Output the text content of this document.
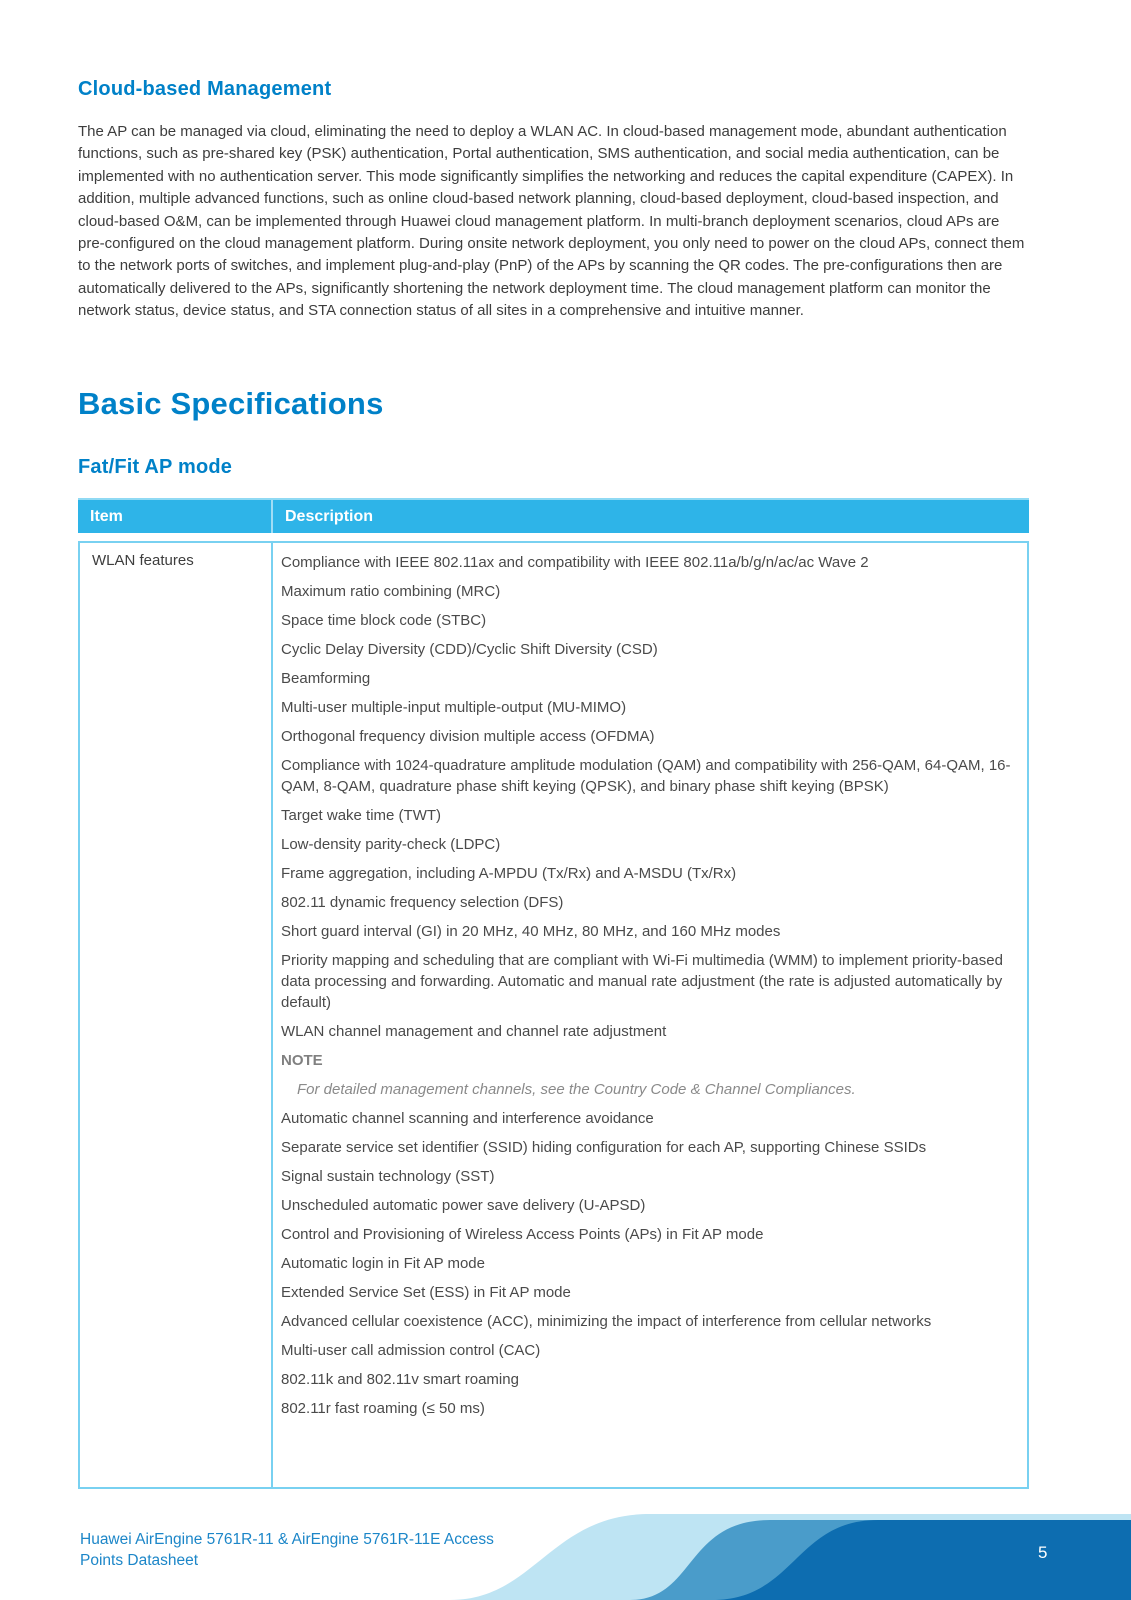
Cloud-based Management

The AP can be managed via cloud, eliminating the need to deploy a WLAN AC. In cloud-based management mode, abundant authentication functions, such as pre-shared key (PSK) authentication, Portal authentication, SMS authentication, and social media authentication, can be implemented with no authentication server. This mode significantly simplifies the networking and reduces the capital expenditure (CAPEX). In addition, multiple advanced functions, such as online cloud-based network planning, cloud-based deployment, cloud-based inspection, and cloud-based O&M, can be implemented through Huawei cloud management platform. In multi-branch deployment scenarios, cloud APs are pre-configured on the cloud management platform. During onsite network deployment, you only need to power on the cloud APs, connect them to the network ports of switches, and implement plug-and-play (PnP) of the APs by scanning the QR codes. The pre-configurations then are automatically delivered to the APs, significantly shortening the network deployment time. The cloud management platform can monitor the network status, device status, and STA connection status of all sites in a comprehensive and intuitive manner.

Basic Specifications
Fat/Fit AP mode
Item	Description
WLAN features	Compliance with IEEE 802.11ax and compatibility with IEEE 802.11a/b/g/n/ac/ac Wave 2

Maximum ratio combining (MRC)

Space time block code (STBC)

Cyclic Delay Diversity (CDD)/Cyclic Shift Diversity (CSD)

Beamforming

Multi-user multiple-input multiple-output (MU-MIMO)

Orthogonal frequency division multiple access (OFDMA)

Compliance with 1024-quadrature amplitude modulation (QAM) and compatibility with 256-QAM, 64-QAM, 16-QAM, 8-QAM, quadrature phase shift keying (QPSK), and binary phase shift keying (BPSK)

Target wake time (TWT)

Low-density parity-check (LDPC)

Frame aggregation, including A-MPDU (Tx/Rx) and A-MSDU (Tx/Rx)

802.11 dynamic frequency selection (DFS)

Short guard interval (GI) in 20 MHz, 40 MHz, 80 MHz, and 160 MHz modes

Priority mapping and scheduling that are compliant with Wi-Fi multimedia (WMM) to implement priority-based data processing and forwarding. Automatic and manual rate adjustment (the rate is adjusted automatically by default)

WLAN channel management and channel rate adjustment

NOTE

For detailed management channels, see the Country Code & Channel Compliances.

Automatic channel scanning and interference avoidance

Separate service set identifier (SSID) hiding configuration for each AP, supporting Chinese SSIDs

Signal sustain technology (SST)

Unscheduled automatic power save delivery (U-APSD)

Control and Provisioning of Wireless Access Points (APs) in Fit AP mode

Automatic login in Fit AP mode

Extended Service Set (ESS) in Fit AP mode

Advanced cellular coexistence (ACC), minimizing the impact of interference from cellular networks

Multi-user call admission control (CAC)

802.11k and 802.11v smart roaming

802.11r fast roaming (≤ 50 ms)

Huawei AirEngine 5761R-11 & AirEngine 5761R-11E Access
Points Datasheet	5
